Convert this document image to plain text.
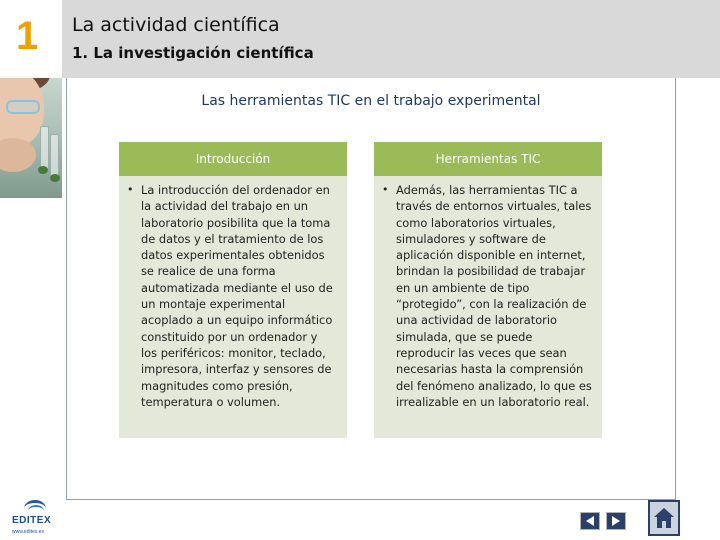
1 La actividad científica
1. La investigación científica
Las herramientas TIC en el trabajo experimental
Introducción
• La introducción del ordenador en la actividad del trabajo en un laboratorio posibilita que la toma de datos y el tratamiento de los datos experimentales obtenidos se realice de una forma automatizada mediante el uso de un montaje experimental acoplado a un equipo informático constituido por un ordenador y los periféricos: monitor, teclado, impresora, interfaz y sensores de magnitudes como presión, temperatura o volumen.

Herramientas TIC
• Además, las herramientas TIC a través de entornos virtuales, tales como laboratorios virtuales, simuladores y software de aplicación disponible en internet, brindan la posibilidad de trabajar en un ambiente de tipo “protegido”, con la realización de una actividad de laboratorio simulada, que se puede reproducir las veces que sean necesarias hasta la comprensión del fenómeno analizado, lo que es irrealizable en un laboratorio real.

EDITEX
www.editex.es
